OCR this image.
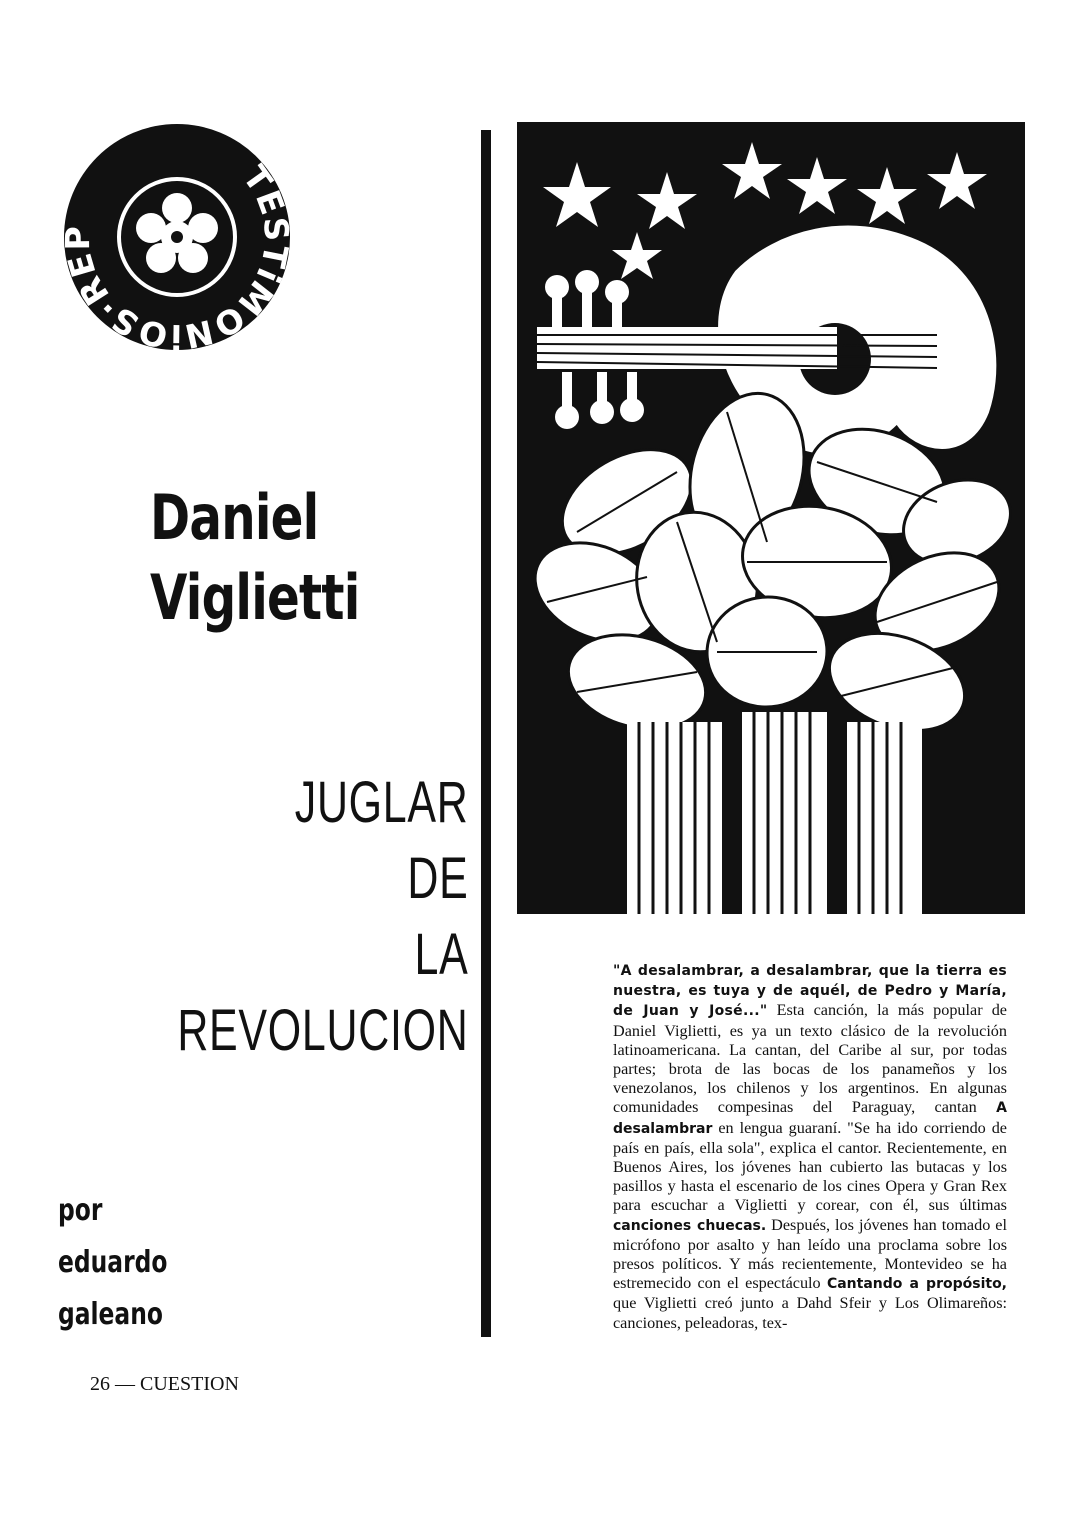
TE TiMONiOS·RE
Daniel
Viglietti
JUGLAR
DE
LA
REVOLUCION
por
eduardo
galeano
26 — CUESTION

"A desalambrar, a desalambrar, que la tierra es nuestra, es tuya y de aquél, de Pedro y María, de Juan y José..." Esta canción, la más popular de Daniel Viglietti, es ya un texto clásico de la revolución latinoamericana. La cantan, del Caribe al sur, por todas partes; brota de las bocas de los panameños y los venezolanos, los chilenos y los argentinos. En algunas comunidades compesinas del Paraguay, cantan A desalambrar en lengua guaraní. "Se ha ido corriendo de país en país, ella sola", explica el cantor. Recientemente, en Buenos Aires, los jóvenes han cubierto las butacas y los pasillos y hasta el escenario de los cines Opera y Gran Rex para escuchar a Viglietti y corear, con él, sus últimas canciones chuecas. Después, los jóvenes han tomado el micrófono por asalto y han leído una proclama sobre los presos políticos. Y más recientemente, Montevideo se ha estremecido con el espectáculo Cantando a propósito, que Viglietti creó junto a Dahd Sfeir y Los Olimareños: canciones, peleadoras, tex-
